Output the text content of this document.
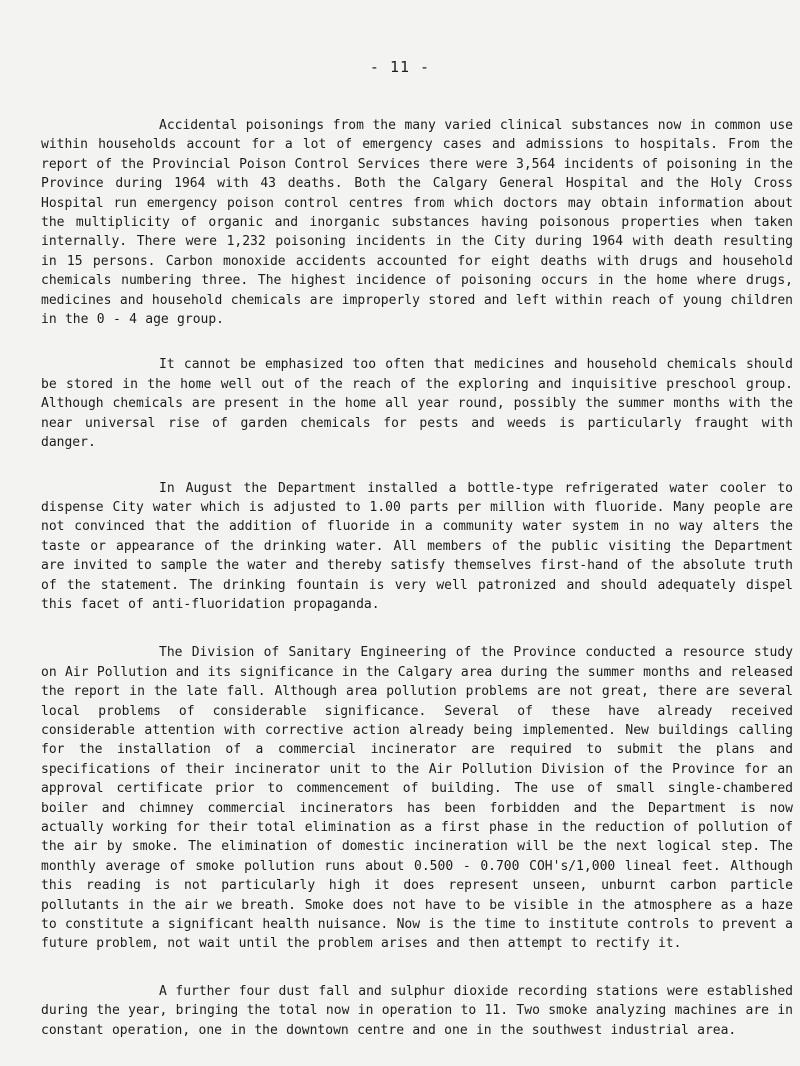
- 11 -

Accidental poisonings from the many varied clinical substances now in common use within households account for a lot of emergency cases and admissions to hospitals. From the report of the Provincial Poison Control Services there were 3,564 incidents of poisoning in the Province during 1964 with 43 deaths. Both the Calgary General Hospital and the Holy Cross Hospital run emergency poison control centres from which doctors may obtain information about the multiplicity of organic and inorganic substances having poisonous properties when taken internally. There were 1,232 poisoning incidents in the City during 1964 with death resulting in 15 persons. Carbon monoxide accidents accounted for eight deaths with drugs and household chemicals numbering three. The highest incidence of poisoning occurs in the home where drugs, medicines and household chemicals are improperly stored and left within reach of young children in the 0 - 4 age group.

It cannot be emphasized too often that medicines and household chemicals should be stored in the home well out of the reach of the exploring and inquisitive preschool group. Although chemicals are present in the home all year round, possibly the summer months with the near universal rise of garden chemicals for pests and weeds is particularly fraught with danger.

In August the Department installed a bottle-type refrigerated water cooler to dispense City water which is adjusted to 1.00 parts per million with fluoride. Many people are not convinced that the addition of fluoride in a community water system in no way alters the taste or appearance of the drinking water. All members of the public visiting the Department are invited to sample the water and thereby satisfy themselves first-hand of the absolute truth of the statement. The drinking fountain is very well patronized and should adequately dispel this facet of anti-fluoridation propaganda.

The Division of Sanitary Engineering of the Province conducted a resource study on Air Pollution and its significance in the Calgary area during the summer months and released the report in the late fall. Although area pollution problems are not great, there are several local problems of considerable significance. Several of these have already received considerable attention with corrective action already being implemented. New buildings calling for the installation of a commercial incinerator are required to submit the plans and specifications of their incinerator unit to the Air Pollution Division of the Province for an approval certificate prior to commencement of building. The use of small single-chambered boiler and chimney commercial incinerators has been forbidden and the Department is now actually working for their total elimination as a first phase in the reduction of pollution of the air by smoke. The elimination of domestic incineration will be the next logical step. The monthly average of smoke pollution runs about 0.500 - 0.700 COH's/1,000 lineal feet. Although this reading is not particularly high it does represent unseen, unburnt carbon particle pollutants in the air we breath. Smoke does not have to be visible in the atmosphere as a haze to constitute a significant health nuisance. Now is the time to institute controls to prevent a future problem, not wait until the problem arises and then attempt to rectify it.

A further four dust fall and sulphur dioxide recording stations were established during the year, bringing the total now in operation to 11. Two smoke analyzing machines are in constant operation, one in the downtown centre and one in the southwest industrial area.
